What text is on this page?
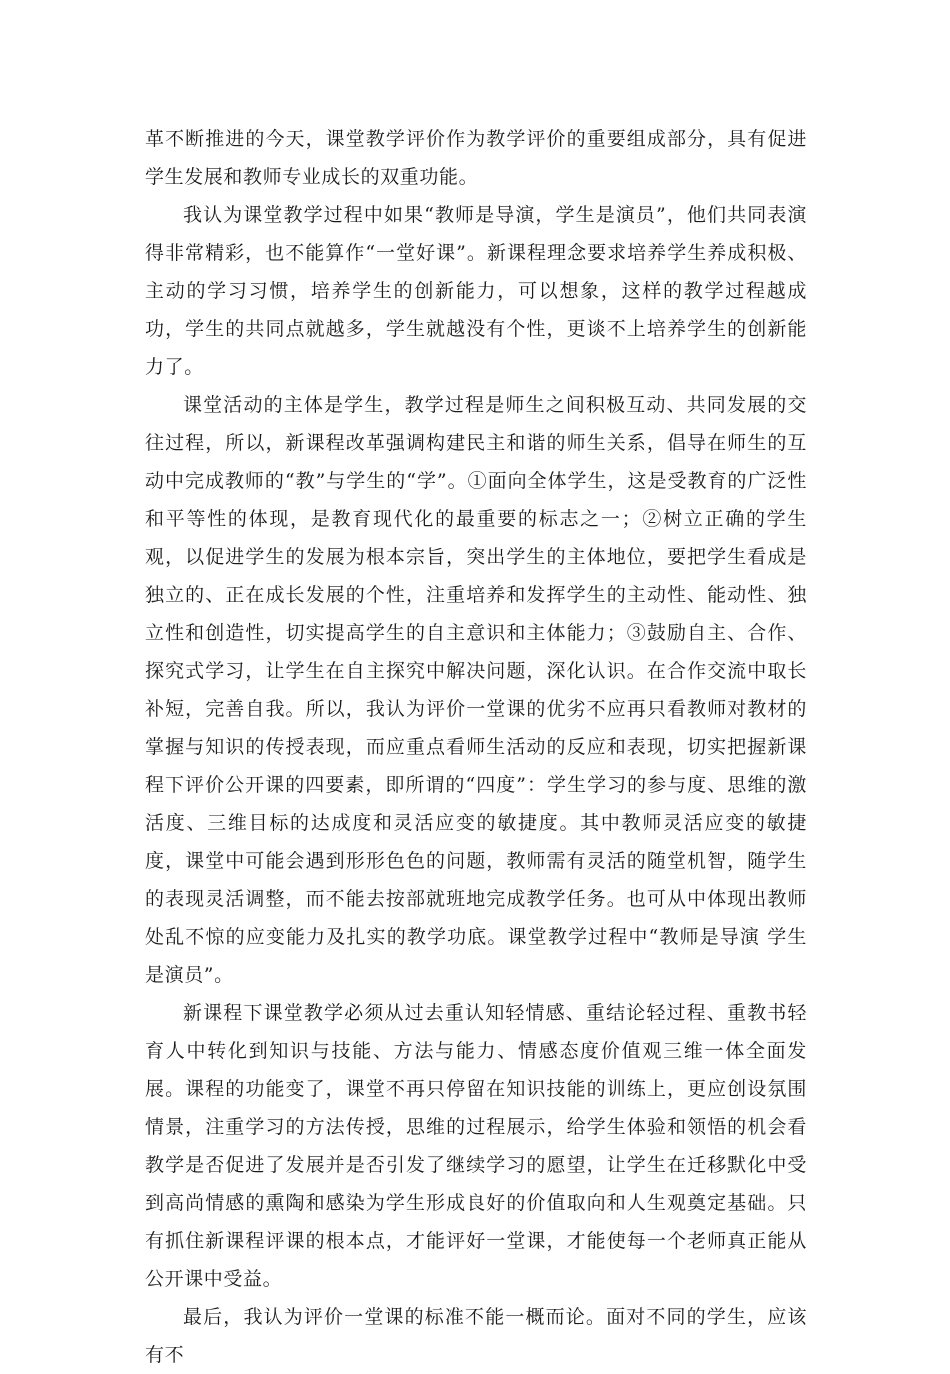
革不断推进的今天，课堂教学评价作为教学评价的重要组成部分，具有促进学生发展和教师专业成长的双重功能。

我认为课堂教学过程中如果“教师是导演，学生是演员”，他们共同表演得非常精彩，也不能算作“一堂好课”。新课程理念要求培养学生养成积极、主动的学习习惯，培养学生的创新能力，可以想象，这样的教学过程越成功，学生的共同点就越多，学生就越没有个性，更谈不上培养学生的创新能力了。

课堂活动的主体是学生，教学过程是师生之间积极互动、共同发展的交往过程，所以，新课程改革强调构建民主和谐的师生关系，倡导在师生的互动中完成教师的“教”与学生的“学”。①面向全体学生，这是受教育的广泛性和平等性的体现，是教育现代化的最重要的标志之一；②树立正确的学生观，以促进学生的发展为根本宗旨，突出学生的主体地位，要把学生看成是独立的、正在成长发展的个性，注重培养和发挥学生的主动性、能动性、独立性和创造性，切实提高学生的自主意识和主体能力；③鼓励自主、合作、探究式学习，让学生在自主探究中解决问题，深化认识。在合作交流中取长补短，完善自我。所以，我认为评价一堂课的优劣不应再只看教师对教材的掌握与知识的传授表现，而应重点看师生活动的反应和表现，切实把握新课程下评价公开课的四要素，即所谓的“四度”：学生学习的参与度、思维的激活度、三维目标的达成度和灵活应变的敏捷度。其中教师灵活应变的敏捷度，课堂中可能会遇到形形色色的问题，教师需有灵活的随堂机智，随学生的表现灵活调整，而不能去按部就班地完成教学任务。也可从中体现出教师处乱不惊的应变能力及扎实的教学功底。课堂教学过程中“教师是导演 学生是演员”。

新课程下课堂教学必须从过去重认知轻情感、重结论轻过程、重教书轻育人中转化到知识与技能、方法与能力、情感态度价值观三维一体全面发展。课程的功能变了，课堂不再只停留在知识技能的训练上，更应创设氛围情景，注重学习的方法传授，思维的过程展示，给学生体验和领悟的机会看教学是否促进了发展并是否引发了继续学习的愿望，让学生在迁移默化中受到高尚情感的熏陶和感染为学生形成良好的价值取向和人生观奠定基础。只有抓住新课程评课的根本点，才能评好一堂课，才能使每一个老师真正能从公开课中受益。

最后，我认为评价一堂课的标准不能一概而论。面对不同的学生，应该有不
